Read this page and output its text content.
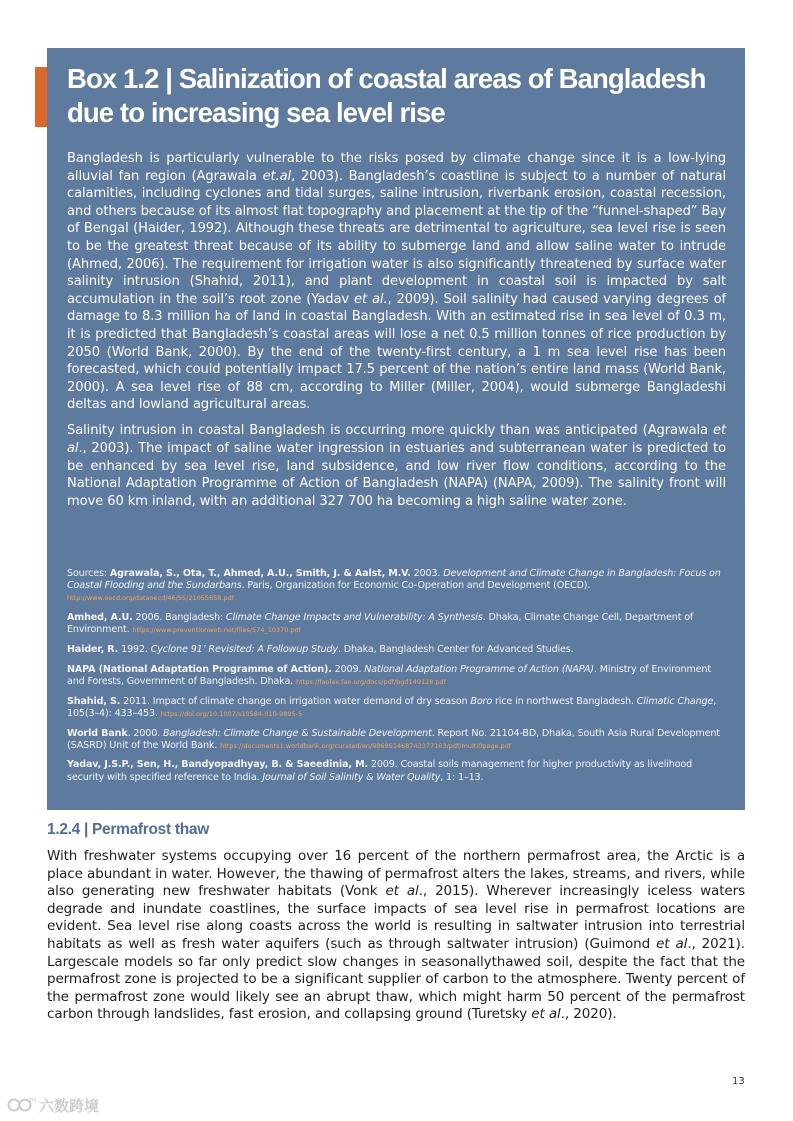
Box 1.2 | Salinization of coastal areas of Bangladesh due to increasing sea level rise

Bangladesh is particularly vulnerable to the risks posed by climate change since it is a low-lying alluvial fan region (Agrawala et.al, 2003). Bangladesh’s coastline is subject to a number of natural calamities, including cyclones and tidal surges, saline intrusion, riverbank erosion, coastal recession, and others because of its almost flat topography and placement at the tip of the “funnel-shaped” Bay of Bengal (Haider, 1992). Although these threats are detrimental to agriculture, sea level rise is seen to be the greatest threat because of its ability to submerge land and allow saline water to intrude (Ahmed, 2006). The requirement for irrigation water is also significantly threatened by surface water salinity intrusion (Shahid, 2011), and plant development in coastal soil is impacted by salt accumulation in the soil’s root zone (Yadav et al., 2009). Soil salinity had caused varying degrees of damage to 8.3 million ha of land in coastal Bangladesh. With an estimated rise in sea level of 0.3 m, it is predicted that Bangladesh’s coastal areas will lose a net 0.5 million tonnes of rice production by 2050 (World Bank, 2000). By the end of the twenty-first century, a 1 m sea level rise has been forecasted, which could potentially impact 17.5 percent of the nation’s entire land mass (World Bank, 2000). A sea level rise of 88 cm, according to Miller (Miller, 2004), would submerge Bangladeshi deltas and lowland agricultural areas.

Salinity intrusion in coastal Bangladesh is occurring more quickly than was anticipated (Agrawala et al., 2003). The impact of saline water ingression in estuaries and subterranean water is predicted to be enhanced by sea level rise, land subsidence, and low river flow conditions, according to the National Adaptation Programme of Action of Bangladesh (NAPA) (NAPA, 2009). The salinity front will move 60 km inland, with an additional 327 700 ha becoming a high saline water zone.

Sources: Agrawala, S., Ota, T., Ahmed, A.U., Smith, J. & Aalst, M.V. 2003. Development and Climate Change in Bangladesh: Focus on Coastal Flooding and the Sundarbans. Paris, Organization for Economic Co-Operation and Development (OECD). http://www.oecd.org/dataoecd/46/55/21055658.pdf

Amhed, A.U. 2006. Bangladesh: Climate Change Impacts and Vulnerability: A Synthesis. Dhaka, Climate Change Cell, Department of Environment. https://www.preventionweb.net/files/574_10370.pdf

Haider, R. 1992. Cyclone 91’ Revisited: A Followup Study. Dhaka, Bangladesh Center for Advanced Studies.

NAPA (National Adaptation Programme of Action). 2009. National Adaptation Programme of Action (NAPA). Ministry of Environment and Forests, Government of Bangladesh. Dhaka. https://faolex.fao.org/docs/pdf/bgd149128.pdf

Shahid, S. 2011. Impact of climate change on irrigation water demand of dry season Boro rice in northwest Bangladesh. Climatic Change, 105(3–4): 433–453. https://doi.org/10.1007/s10584-010-9895-5

World Bank. 2000. Bangladesh: Climate Change & Sustainable Development. Report No. 21104-BD, Dhaka, South Asia Rural Development (SASRD) Unit of the World Bank. https://documents1.worldbank.org/curated/en/906951468743377163/pdf/multi0page.pdf

Yadav, J.S.P., Sen, H., Bandyopadhyay, B. & Saeedinia, M. 2009. Coastal soils management for higher productivity as livelihood security with specified reference to India. Journal of Soil Salinity & Water Quality, 1: 1–13.

1.2.4 | Permafrost thaw

With freshwater systems occupying over 16 percent of the northern permafrost area, the Arctic is a place abundant in water. However, the thawing of permafrost alters the lakes, streams, and rivers, while also generating new freshwater habitats (Vonk et al., 2015). Wherever increasingly iceless waters degrade and inundate coastlines, the surface impacts of sea level rise in permafrost locations are evident. Sea level rise along coasts across the world is resulting in saltwater intrusion into terrestrial habitats as well as fresh water aquifers (such as through saltwater intrusion) (Guimond et al., 2021). Largescale models so far only predict slow changes in seasonallythawed soil, despite the fact that the permafrost zone is projected to be a significant supplier of carbon to the atmosphere. Twenty percent of the permafrost zone would likely see an abrupt thaw, which might harm 50 percent of the permafrost carbon through landslides, fast erosion, and collapsing ground (Turetsky et al., 2020).

13

TM 六数跨境
